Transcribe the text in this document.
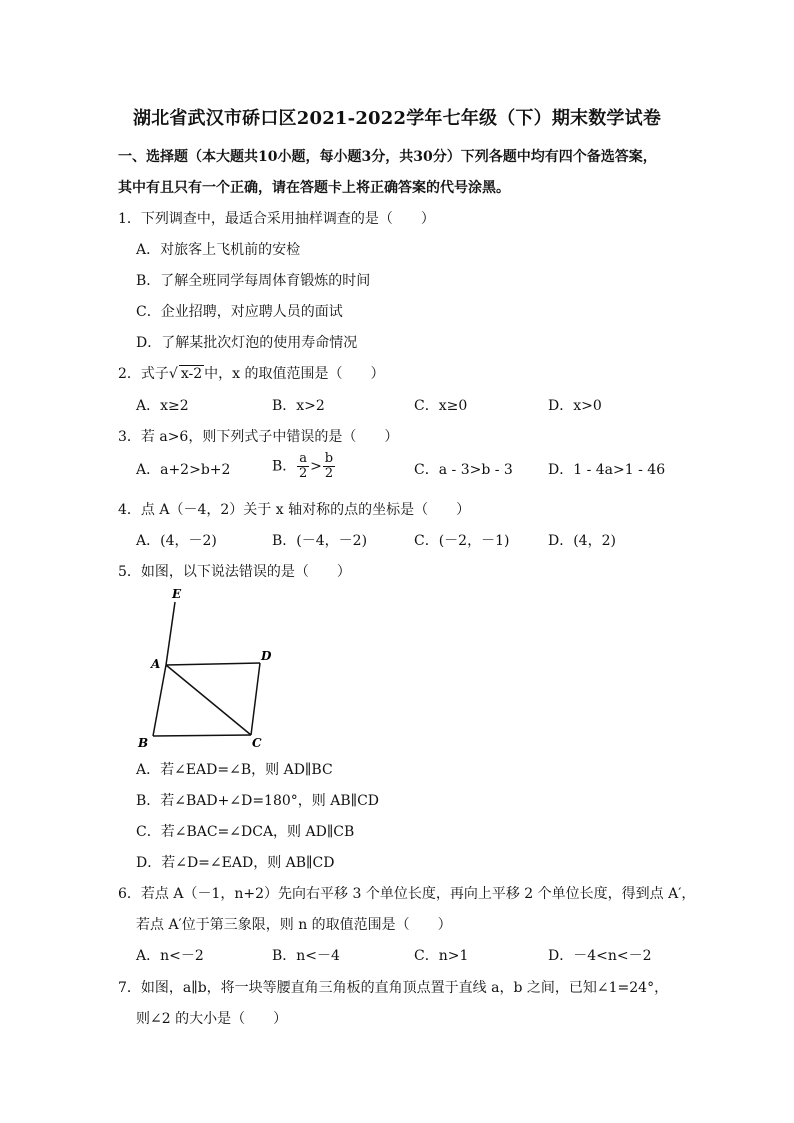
湖北省武汉市硚口区2021-2022学年七年级（下）期末数学试卷
一、选择题（本大题共10小题，每小题3分，共30分）下列各题中均有四个备选答案，
其中有且只有一个正确，请在答题卡上将正确答案的代号涂黑。
1．下列调查中，最适合采用抽样调查的是（　　）
A．对旅客上飞机前的安检
B．了解全班同学每周体育锻炼的时间
C．企业招聘，对应聘人员的面试
D．了解某批次灯泡的使用寿命情况
2．式子√ x-2 中，x 的取值范围是（　　）
A．x≥2	B．x>2	C．x≥0	D．x>0
3．若 a>6，则下列式子中错误的是（　　）
A．a+2>b+2	B． $\frac{a}{2} > \frac{b}{2}$	C．a - 3>b - 3	D．1 - 4a>1 - 46
4．点 A（－4，2）关于 x 轴对称的点的坐标是（　　）
A．(4，－2)	B．(－4，－2)	C．(－2，－1)	D．(4，2)
5．如图，以下说法错误的是（　　）
E
A
D
B	C
A．若∠EAD=∠B，则 AD∥BC
B．若∠BAD+∠D=180°，则 AB∥CD
C．若∠BAC=∠DCA，则 AD∥CB
D．若∠D=∠EAD，则 AB∥CD
6．若点 A（－1，n+2）先向右平移 3 个单位长度，再向上平移 2 个单位长度，得到点 A′，
若点 A′位于第三象限，则 n 的取值范围是（　　）
A．n<－2	B．n<－4	C．n>1	D．－4<n<－2
7．如图，a∥b，将一块等腰直角三角板的直角顶点置于直线 a，b 之间，已知∠1=24°，
则∠2 的大小是（　　）
